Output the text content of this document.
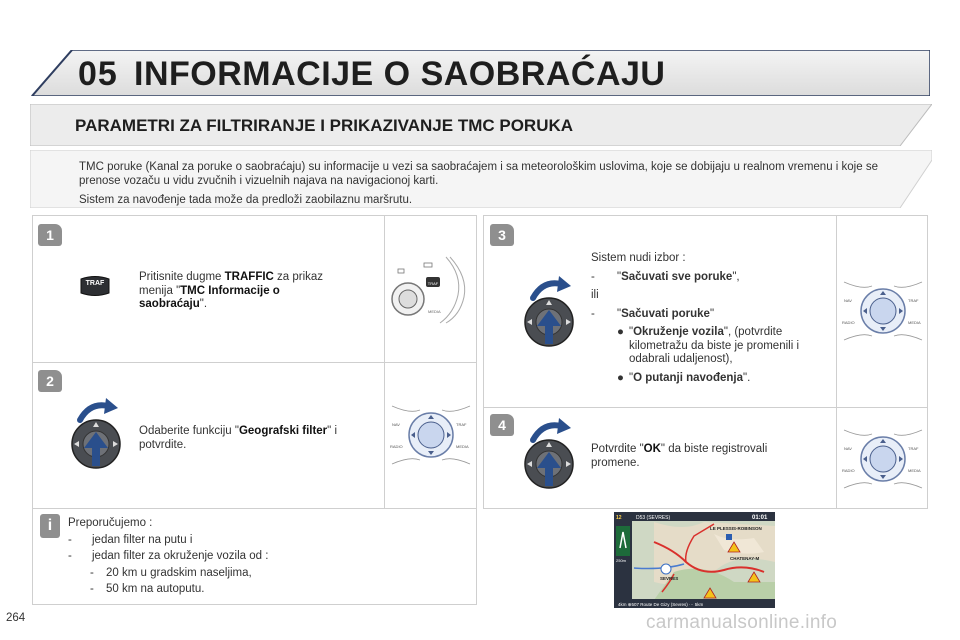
05 INFORMACIJE O SAOBRAĆAJU
PARAMETRI ZA FILTRIRANJE I PRIKAZIVANJE TMC PORUKA

TMC poruke (Kanal za poruke o saobraćaju) su informacije u vezi sa saobraćajem i sa meteorološkim uslovima, koje se dobijaju u realnom vremenu i koje se prenose vozaču u vidu zvučnih i vizuelnih najava na navigacionoj karti.

Sistem za navođenje tada može da predloži zaobilaznu maršrutu.

1
TRAF
Pritisnite dugme TRAFFIC za prikaz menija "TMC Informacije o saobraćaju".
TRAF
MEDIA
2
Odaberite funkciju "Geografski filter" i potvrdite.
NAV	TRAF
RADIO	MEDIA
i	Preporučujemo :
- jedan filter na putu i
- jedan filter za okruženje vozila od :
- 20 km u gradskim naseljima,
- 50 km na autoputu.
3
Sistem nudi izbor :
- "Sačuvati sve poruke",
ili
- "Sačuvati poruke"
● "Okruženje vozila", (potvrdite kilometražu da biste je promenili i odabrali udaljenost),
● "O putanji navođenja".
NAV	TRAF
RADIO	MEDIA
4
Potvrdite "OK" da biste registrovali promene.
NAV	TRAF
RADIO	MEDIA
12	D53 (SEVRES)	01:01
250m
LE PLESSIS-ROBINSON
CHATENAY-M
SEVRES
4km ⊕507 Route De Gizy (Sevres) ··· 5km
264	carmanualsonline.info
